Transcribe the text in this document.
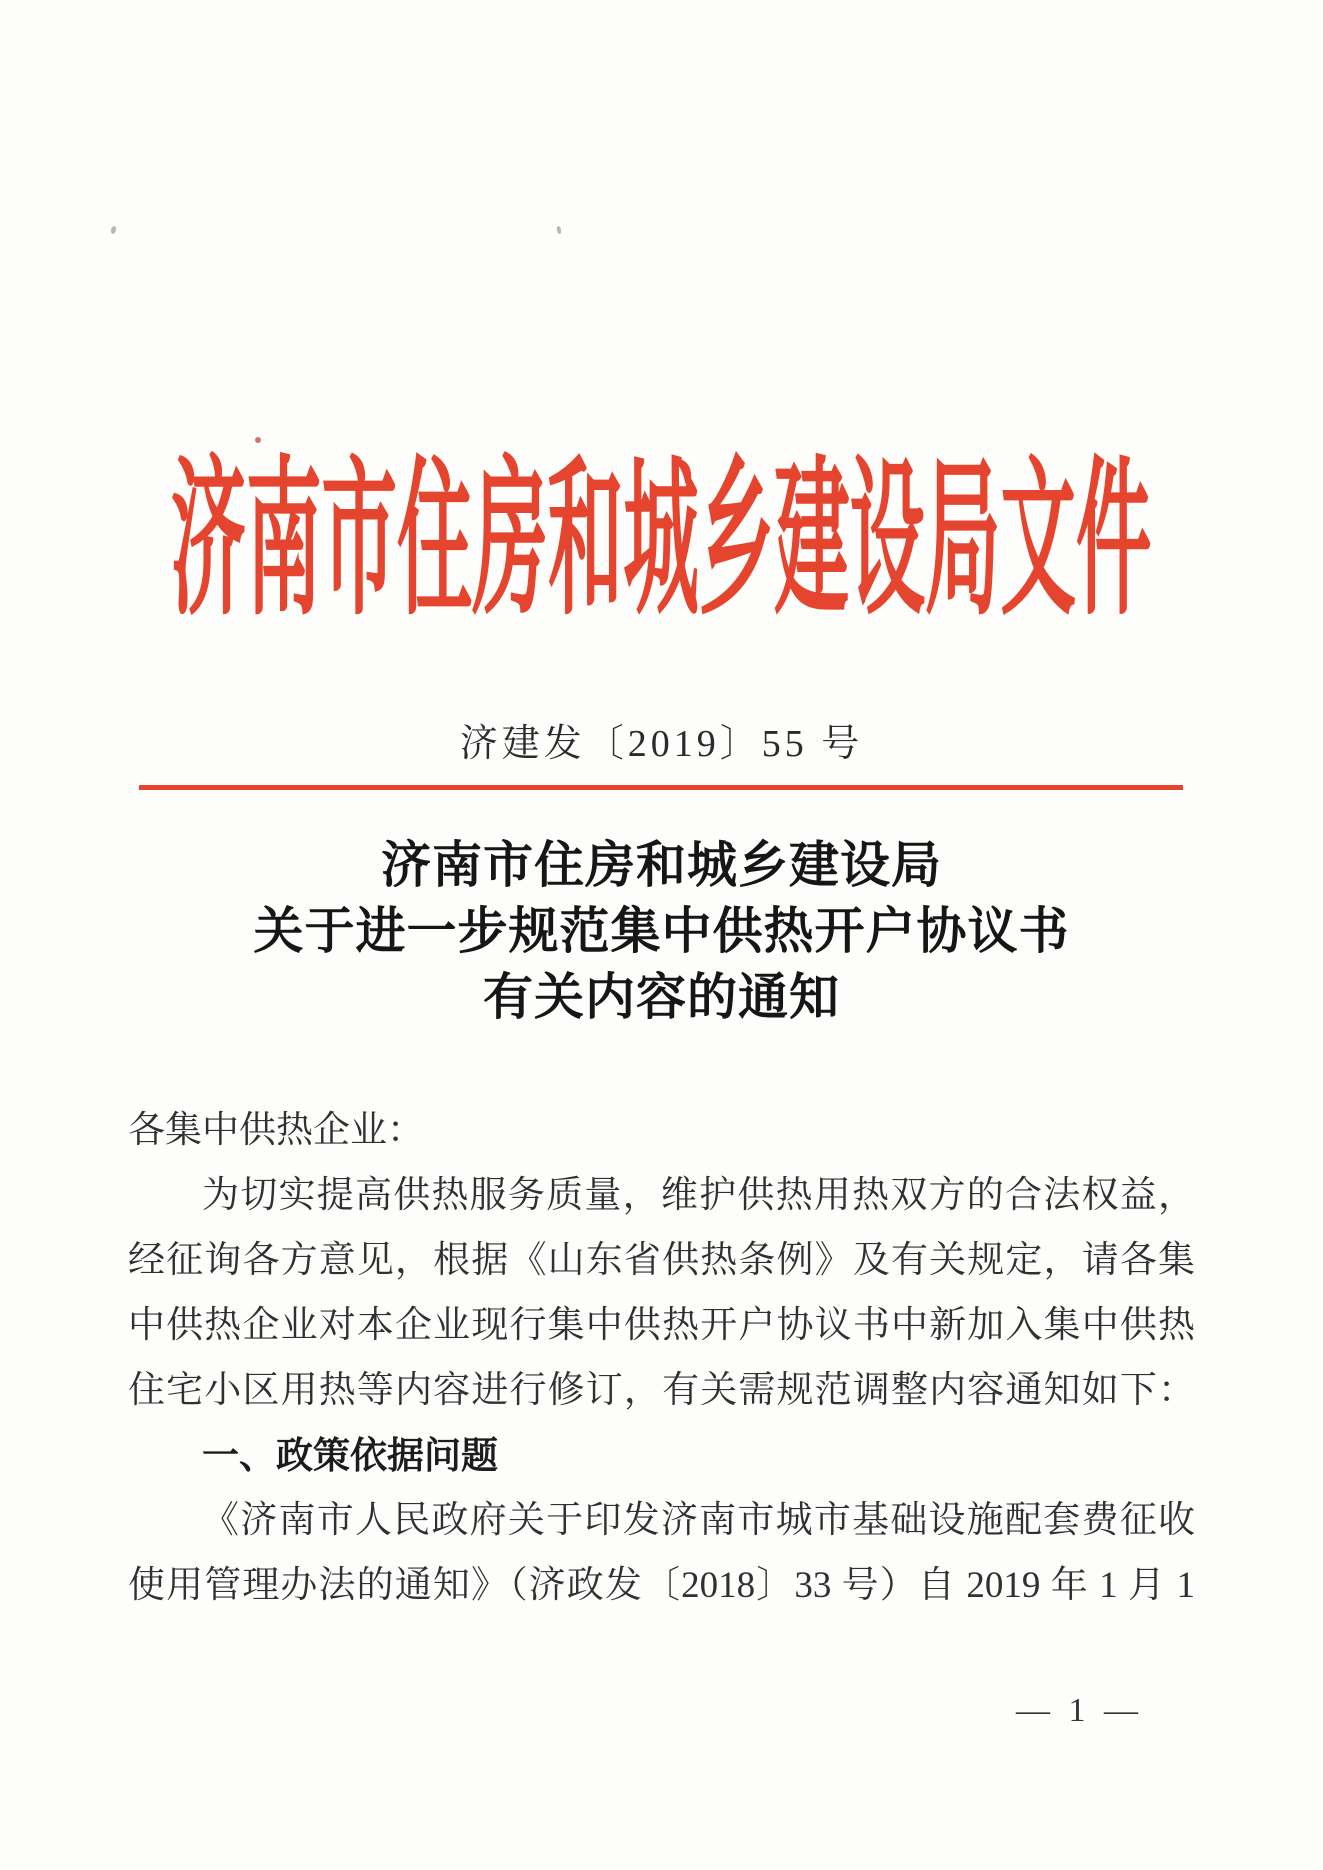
济南市住房和城乡建设局文件
济建发〔2019〕55 号
济南市住房和城乡建设局
关于进一步规范集中供热开户协议书
有关内容的通知
各集中供热企业：
为切实提高供热服务质量，维护供热用热双方的合法权益，
经征询各方意见，根据《山东省供热条例》及有关规定，请各集
中供热企业对本企业现行集中供热开户协议书中新加入集中供热
住宅小区用热等内容进行修订，有关需规范调整内容通知如下：
一、政策依据问题
《济南市人民政府关于印发济南市城市基础设施配套费征收
使用管理办法的通知》（济政发〔2018〕33 号）自 2019 年 1 月 1
— 1 —
